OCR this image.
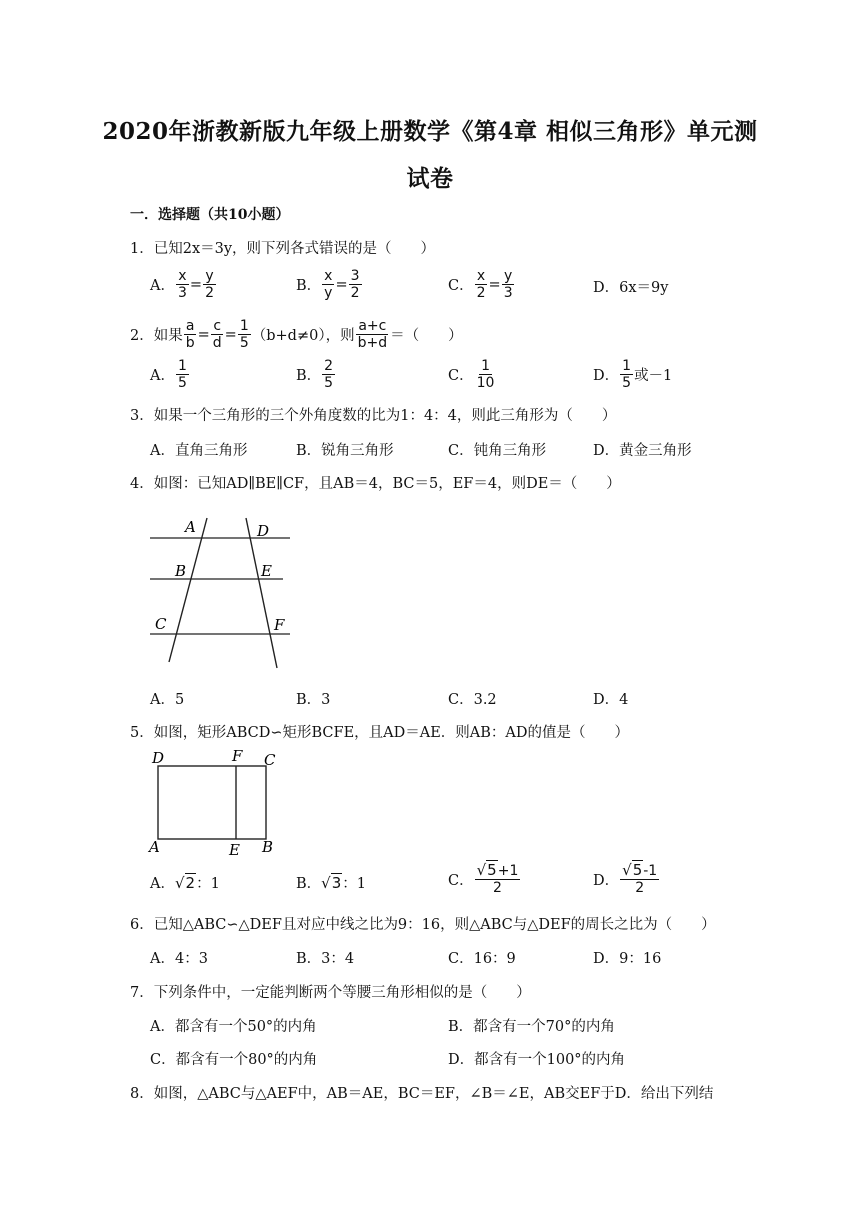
2020年浙教新版九年级上册数学《第4章 相似三角形》单元测
试卷
一．选择题（共10小题）
1．已知2x＝3y，则下列各式错误的是（　　）
A． $\frac{x}{3} = \frac{y}{2}$	B． $\frac{x}{y} = \frac{3}{2}$	C． $\frac{x}{2} = \frac{y}{3}$	D．6x＝9y
2．如果 $\frac{a}{b} = \frac{c}{d} = \frac{1}{5} (b+d\ne 0)$，则 $\frac{a+c}{b+d}$ ＝（　　）
A． $\frac{1}{5}$	B． $\frac{2}{5}$	C． $\frac{1}{10}$	D． $\frac{1}{5}$ 或－1
3．如果一个三角形的三个外角度数的比为1：4：4，则此三角形为（　　）
A．直角三角形	B．锐角三角形	C．钝角三角形	D．黄金三角形
4．如图：已知AD∥BE∥CF，且AB＝4，BC＝5，EF＝4，则DE＝（　　）
A	D
B	E
C	F
A．5	B．3	C．3.2	D．4
5．如图，矩形ABCD∽矩形BCFE，且AD＝AE．则AB：AD的值是（　　）
D	F C
A	E B
A． √2 ：1	B． √3 ：1	C． $\frac{√5+1}{2}$	D． $\frac{√5-1}{2}$
6．已知△ABC∽△DEF且对应中线之比为9：16，则△ABC与△DEF的周长之比为（　　）
A．4：3	B．3：4	C．16：9	D．9：16
7．下列条件中，一定能判断两个等腰三角形相似的是（　　）
A．都含有一个50°的内角	B．都含有一个70°的内角
C．都含有一个80°的内角	D．都含有一个100°的内角
8．如图，△ABC与△AEF中，AB＝AE，BC＝EF，∠B＝∠E，AB交EF于D．给出下列结
